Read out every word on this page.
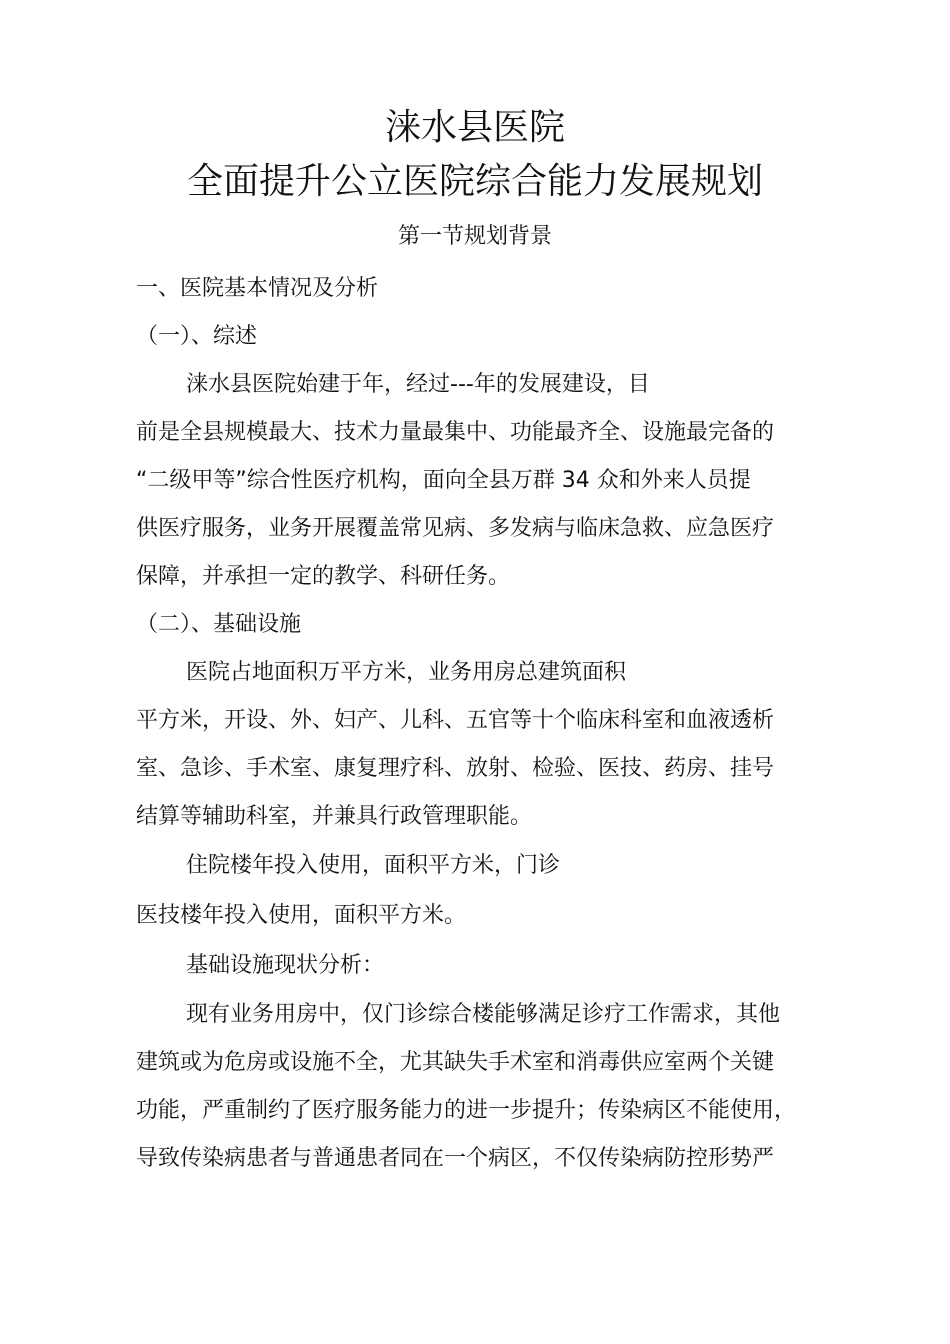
涞水县医院
全面提升公立医院综合能力发展规划
第一节规划背景
一、医院基本情况及分析
（一）、综述
涞水县医院始建于年，经过---年的发展建设，目
前是全县规模最大、技术力量最集中、功能最齐全、设施最完备的
“二级甲等”综合性医疗机构，面向全县万群 34 众和外来人员提
供医疗服务，业务开展覆盖常见病、多发病与临床急救、应急医疗
保障，并承担一定的教学、科研任务。
（二）、基础设施
医院占地面积万平方米，业务用房总建筑面积
平方米，开设、外、妇产、儿科、五官等十个临床科室和血液透析
室、急诊、手术室、康复理疗科、放射、检验、医技、药房、挂号
结算等辅助科室，并兼具行政管理职能。
住院楼年投入使用，面积平方米，门诊
医技楼年投入使用，面积平方米。
基础设施现状分析：
现有业务用房中，仅门诊综合楼能够满足诊疗工作需求，其他
建筑或为危房或设施不全，尤其缺失手术室和消毒供应室两个关键
功能，严重制约了医疗服务能力的进一步提升；传染病区不能使用，
导致传染病患者与普通患者同在一个病区，不仅传染病防控形势严
